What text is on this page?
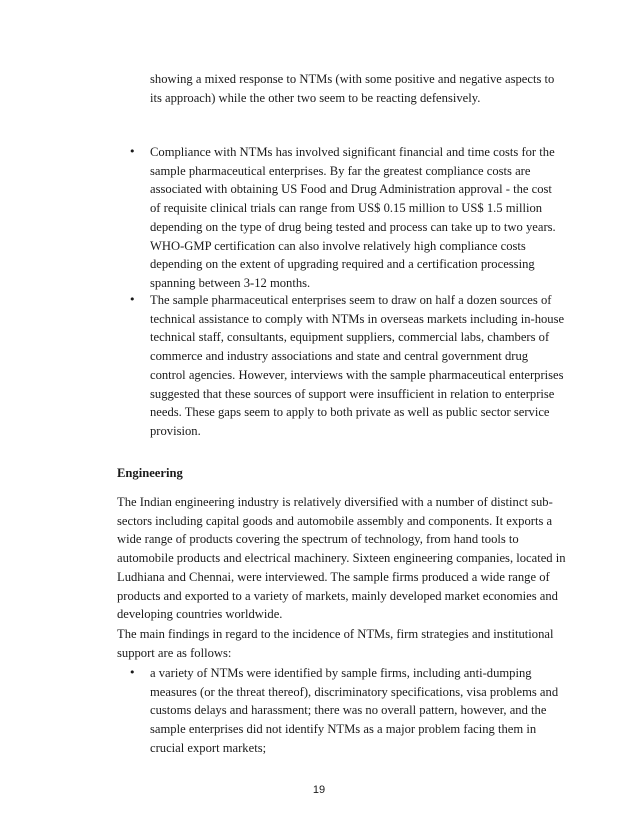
showing a mixed response to NTMs (with some positive and negative aspects to
its approach) while the other two seem to be reacting defensively.
•	Compliance with NTMs has involved significant financial and time costs for the
sample pharmaceutical enterprises. By far the greatest compliance costs are
associated with obtaining US Food and Drug Administration approval - the cost
of requisite clinical trials can range from US$ 0.15 million to US$ 1.5 million
depending on the type of drug being tested and process can take up to two years.
WHO-GMP certification can also involve relatively high compliance costs
depending on the extent of upgrading required and a certification processing
spanning between 3-12 months.
•	The sample pharmaceutical enterprises seem to draw on half a dozen sources of
technical assistance to comply with NTMs in overseas markets including in-house
technical staff, consultants, equipment suppliers, commercial labs, chambers of
commerce and industry associations and state and central government drug
control agencies. However, interviews with the sample pharmaceutical enterprises
suggested that these sources of support were insufficient in relation to enterprise
needs. These gaps seem to apply to both private as well as public sector service
provision.
Engineering
The Indian engineering industry is relatively diversified with a number of distinct sub-
sectors including capital goods and automobile assembly and components. It exports a
wide range of products covering the spectrum of technology, from hand tools to
automobile products and electrical machinery. Sixteen engineering companies, located in
Ludhiana and Chennai, were interviewed. The sample firms produced a wide range of
products and exported to a variety of markets, mainly developed market economies and
developing countries worldwide.
The main findings in regard to the incidence of NTMs, firm strategies and institutional
support are as follows:
•	a variety of NTMs were identified by sample firms, including anti-dumping
measures (or the threat thereof), discriminatory specifications, visa problems and
customs delays and harassment; there was no overall pattern, however, and the
sample enterprises did not identify NTMs as a major problem facing them in
crucial export markets;
19
